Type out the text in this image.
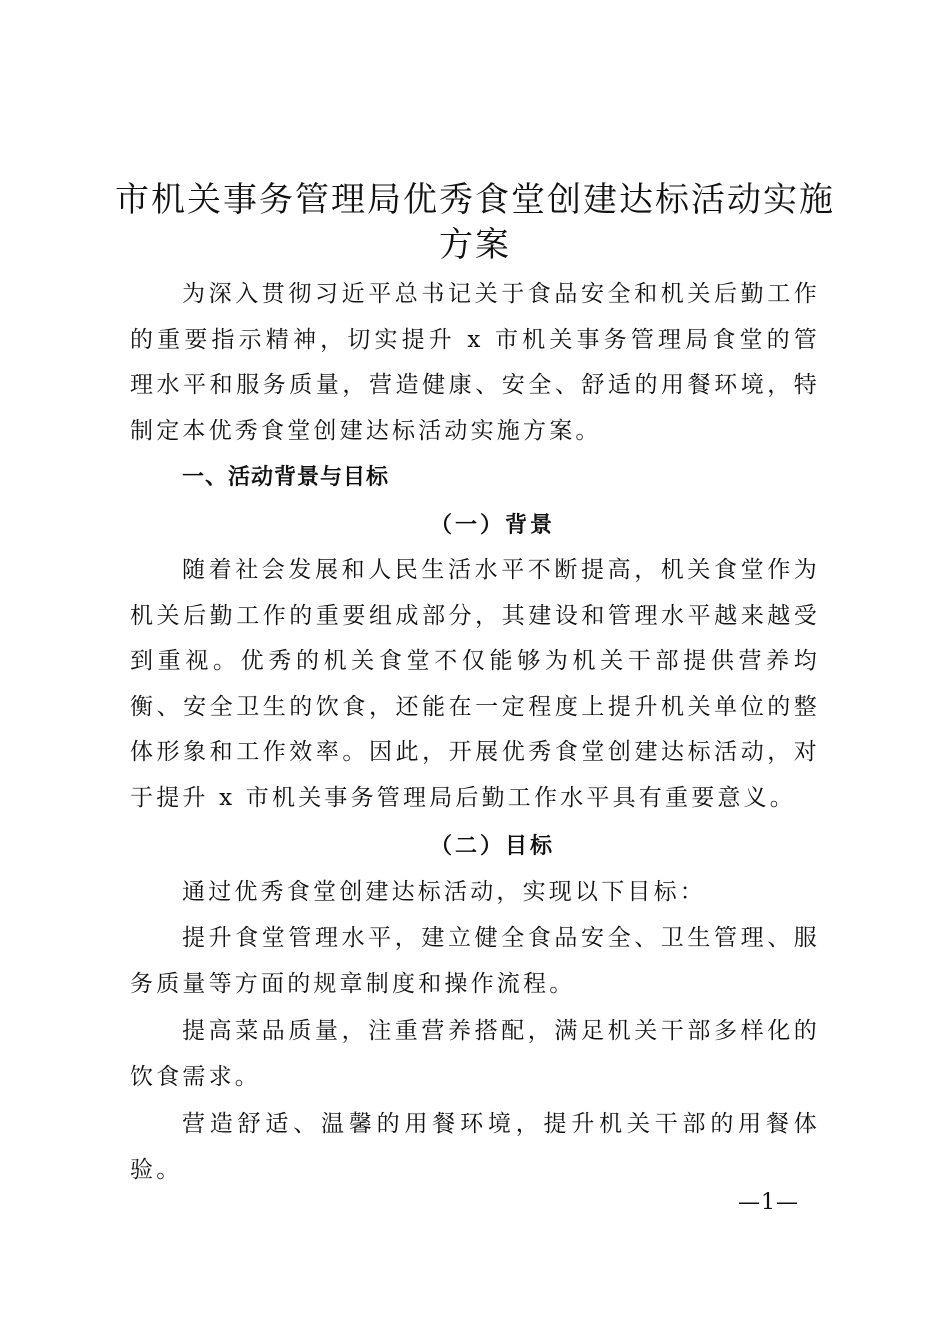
市机关事务管理局优秀食堂创建达标活动实施
方案

为深入贯彻习近平总书记关于食品安全和机关后勤工作的重要指示精神，切实提升 x 市机关事务管理局食堂的管理水平和服务质量，营造健康、安全、舒适的用餐环境，特制定本优秀食堂创建达标活动实施方案。

一、活动背景与目标
（一）背景

随着社会发展和人民生活水平不断提高，机关食堂作为机关后勤工作的重要组成部分，其建设和管理水平越来越受到重视。优秀的机关食堂不仅能够为机关干部提供营养均衡、安全卫生的饮食，还能在一定程度上提升机关单位的整体形象和工作效率。因此，开展优秀食堂创建达标活动，对于提升 x 市机关事务管理局后勤工作水平具有重要意义。

（二）目标

通过优秀食堂创建达标活动，实现以下目标：

提升食堂管理水平，建立健全食品安全、卫生管理、服务质量等方面的规章制度和操作流程。

提高菜品质量，注重营养搭配，满足机关干部多样化的饮食需求。

营造舒适、温馨的用餐环境，提升机关干部的用餐体验。

—1—
